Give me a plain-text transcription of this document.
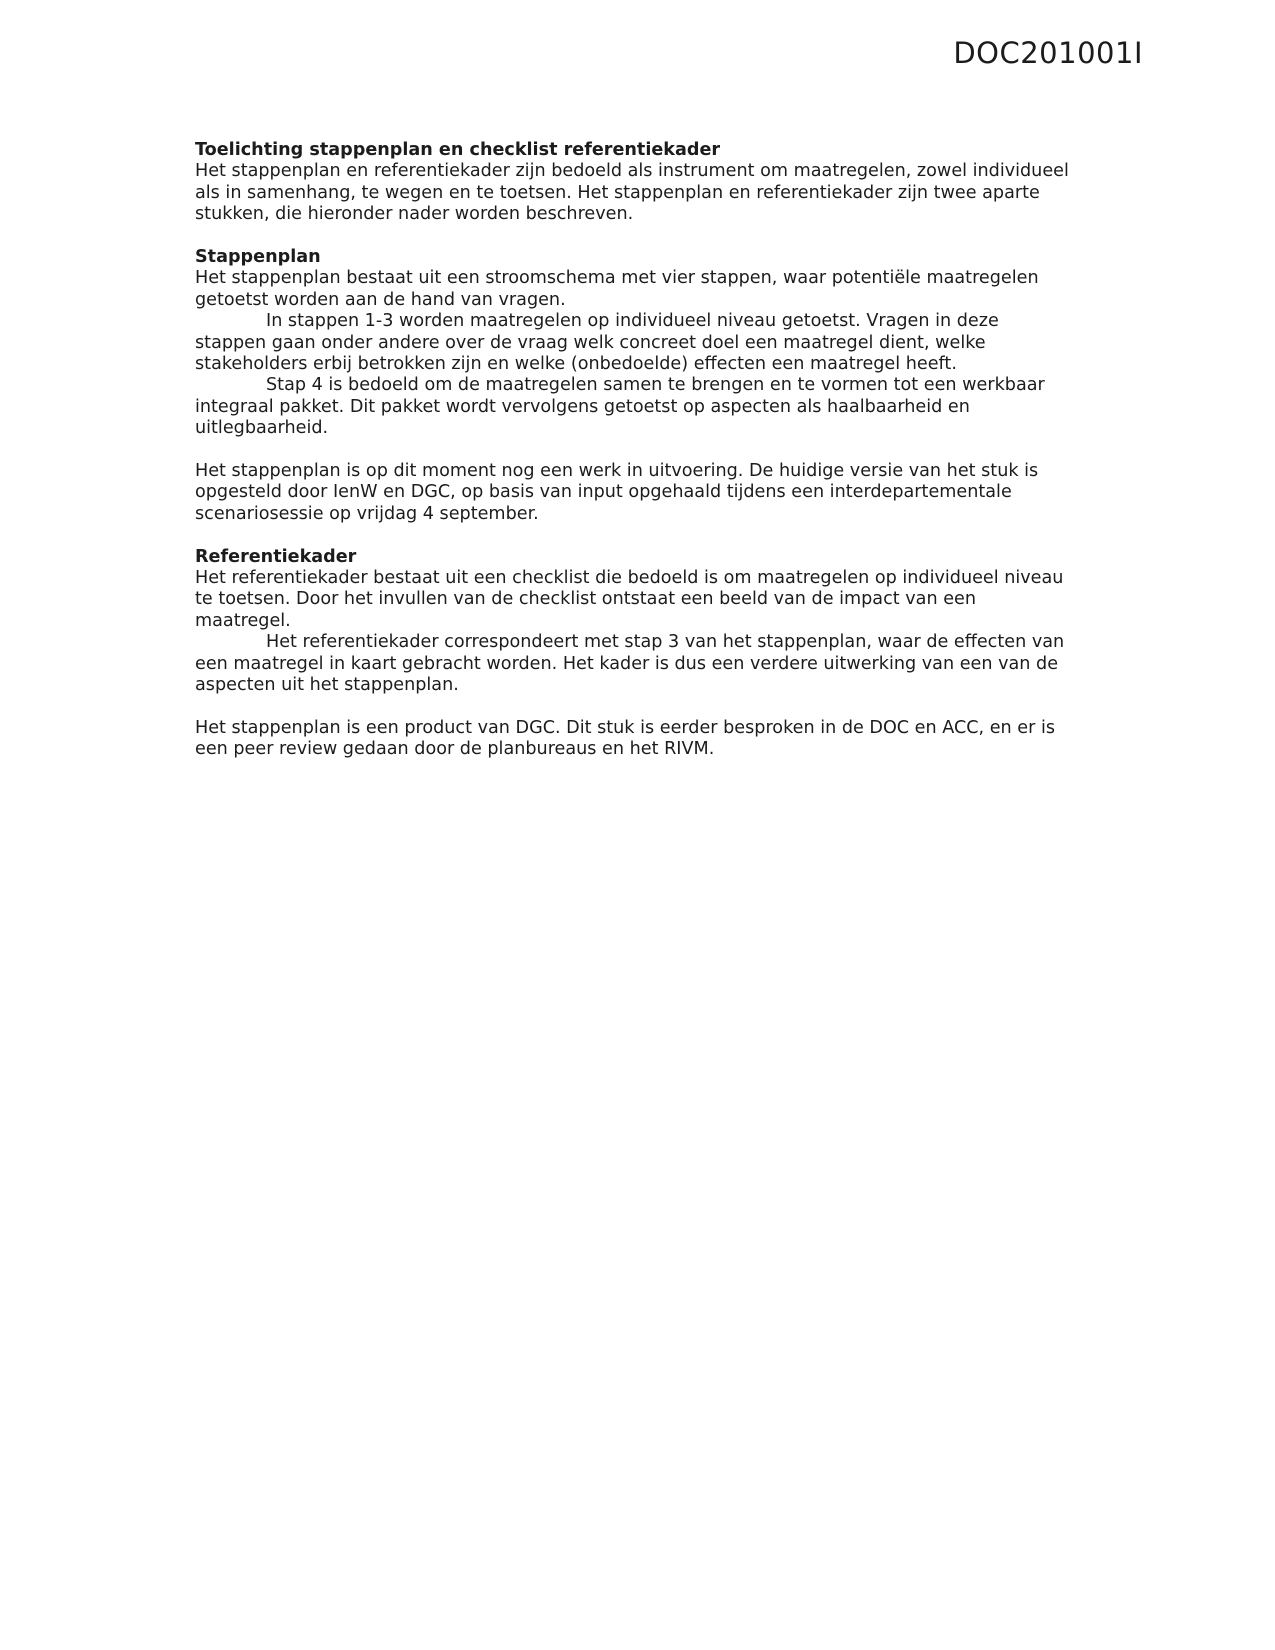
DOC201001I
Toelichting stappenplan en checklist referentiekader

Het stappenplan en referentiekader zijn bedoeld als instrument om maatregelen, zowel individueel als in samenhang, te wegen en te toetsen. Het stappenplan en referentiekader zijn twee aparte stukken, die hieronder nader worden beschreven.

Stappenplan

Het stappenplan bestaat uit een stroomschema met vier stappen, waar potentiële maatregelen getoetst worden aan de hand van vragen.

In stappen 1-3 worden maatregelen op individueel niveau getoetst. Vragen in deze stappen gaan onder andere over de vraag welk concreet doel een maatregel dient, welke stakeholders erbij betrokken zijn en welke (onbedoelde) effecten een maatregel heeft.

Stap 4 is bedoeld om de maatregelen samen te brengen en te vormen tot een werkbaar integraal pakket. Dit pakket wordt vervolgens getoetst op aspecten als haalbaarheid en uitlegbaarheid.

Het stappenplan is op dit moment nog een werk in uitvoering. De huidige versie van het stuk is opgesteld door IenW en DGC, op basis van input opgehaald tijdens een interdepartementale scenariosessie op vrijdag 4 september.

Referentiekader

Het referentiekader bestaat uit een checklist die bedoeld is om maatregelen op individueel niveau te toetsen. Door het invullen van de checklist ontstaat een beeld van de impact van een maatregel.

Het referentiekader correspondeert met stap 3 van het stappenplan, waar de effecten van een maatregel in kaart gebracht worden. Het kader is dus een verdere uitwerking van een van de aspecten uit het stappenplan.

Het stappenplan is een product van DGC. Dit stuk is eerder besproken in de DOC en ACC, en er is een peer review gedaan door de planbureaus en het RIVM.
